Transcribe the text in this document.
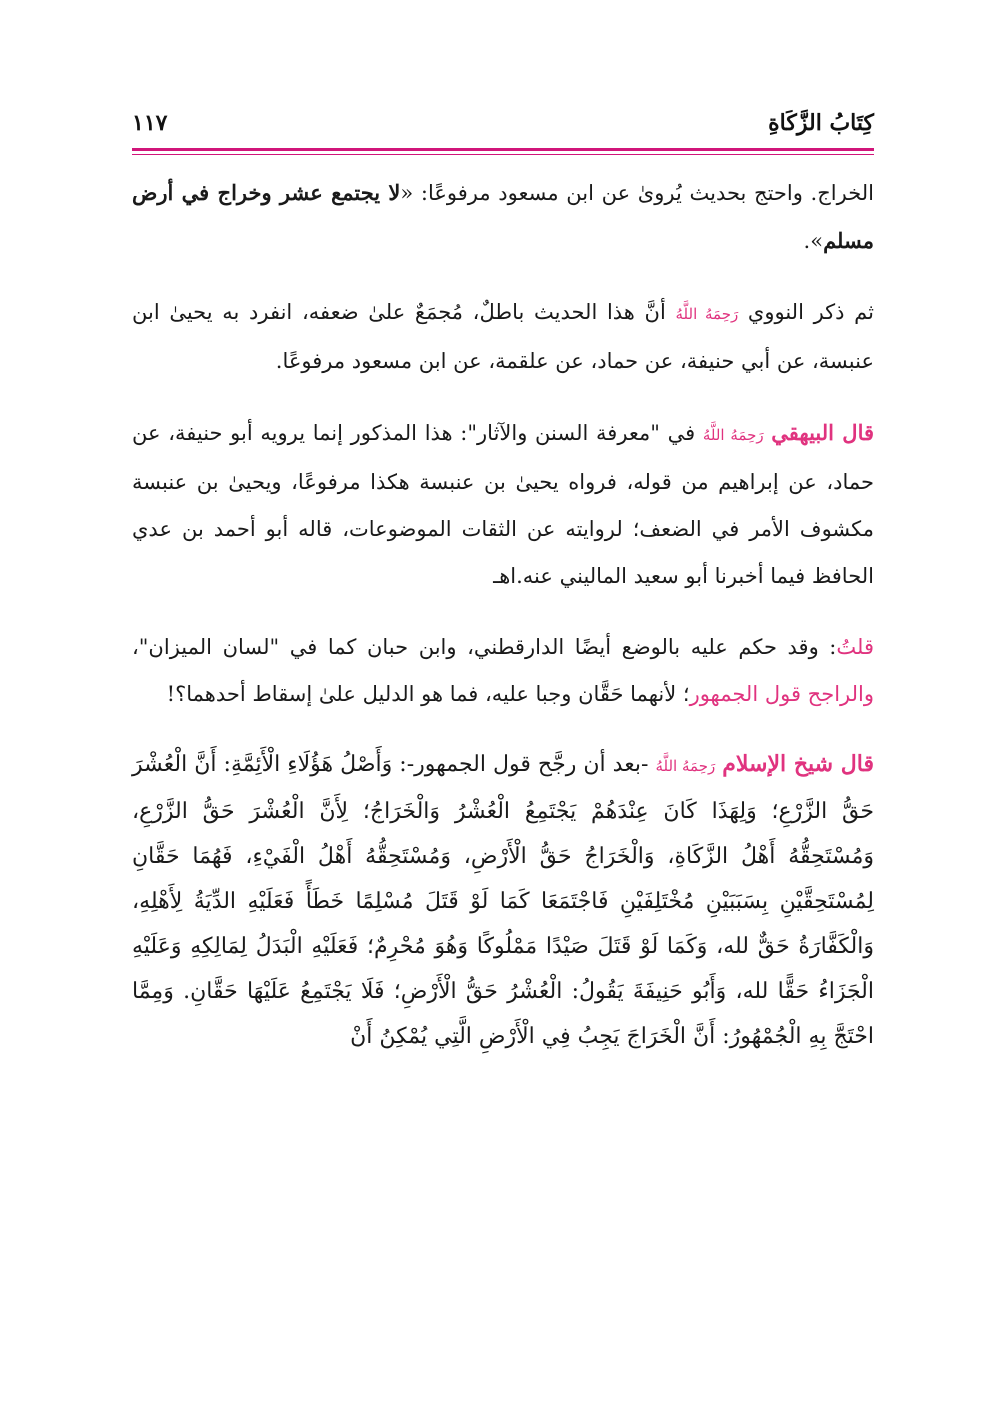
كِتَابُ الزَّكَاةِ
١١٧

الخراج. واحتج بحديث يُروىٰ عن ابن مسعود مرفوعًا: «لا يجتمع عشر وخراج في أرض مسلم».

ثم ذكر النووي رَحِمَهُ اللَّهُ أنَّ هذا الحديث باطلٌ، مُجمَعٌ علىٰ ضعفه، انفرد به يحيىٰ ابن عنبسة، عن أبي حنيفة، عن حماد، عن علقمة، عن ابن مسعود مرفوعًا.

قال البيهقي رَحِمَهُ اللَّهُ في "معرفة السنن والآثار": هذا المذكور إنما يرويه أبو حنيفة، عن حماد، عن إبراهيم من قوله، فرواه يحيىٰ بن عنبسة هكذا مرفوعًا، ويحيىٰ بن عنبسة مكشوف الأمر في الضعف؛ لروايته عن الثقات الموضوعات، قاله أبو أحمد بن عدي الحافظ فيما أخبرنا أبو سعيد الماليني عنه.اهـ

قلتُ: وقد حكم عليه بالوضع أيضًا الدارقطني، وابن حبان كما في "لسان الميزان"، والراجح قول الجمهور؛ لأنهما حَقَّان وجبا عليه، فما هو الدليل علىٰ إسقاط أحدهما؟!

قال شيخ الإسلام رَحِمَهُ اللَّهُ -بعد أن رجَّح قول الجمهور-: وَأَصْلُ هَؤُلَاءِ الْأَئِمَّةِ: أَنَّ الْعُشْرَ حَقُّ الزَّرْعِ؛ وَلِهَذَا كَانَ عِنْدَهُمْ يَجْتَمِعُ الْعُشْرُ وَالْخَرَاجُ؛ لِأَنَّ الْعُشْرَ حَقُّ الزَّرْعِ، وَمُسْتَحِقُّهُ أَهْلُ الزَّكَاةِ، وَالْخَرَاجُ حَقُّ الْأَرْضِ، وَمُسْتَحِقُّهُ أَهْلُ الْفَيْءِ، فَهُمَا حَقَّانِ لِمُسْتَحِقَّيْنِ بِسَبَبَيْنِ مُخْتَلِفَيْنِ فَاجْتَمَعَا كَمَا لَوْ قَتَلَ مُسْلِمًا خَطَأً فَعَلَيْهِ الدِّيَةُ لِأَهْلِهِ، وَالْكَفَّارَةُ حَقٌّ لله، وَكَمَا لَوْ قَتَلَ صَيْدًا مَمْلُوكًا وَهُوَ مُحْرِمٌ؛ فَعَلَيْهِ الْبَدَلُ لِمَالِكِهِ وَعَلَيْهِ الْجَزَاءُ حَقًّا لله، وَأَبُو حَنِيفَةَ يَقُولُ: الْعُشْرُ حَقُّ الْأَرْضِ؛ فَلَا يَجْتَمِعُ عَلَيْهَا حَقَّانِ. وَمِمَّا احْتَجَّ بِهِ الْجُمْهُورُ: أَنَّ الْخَرَاجَ يَجِبُ فِي الْأَرْضِ الَّتِي يُمْكِنُ أَنْ
